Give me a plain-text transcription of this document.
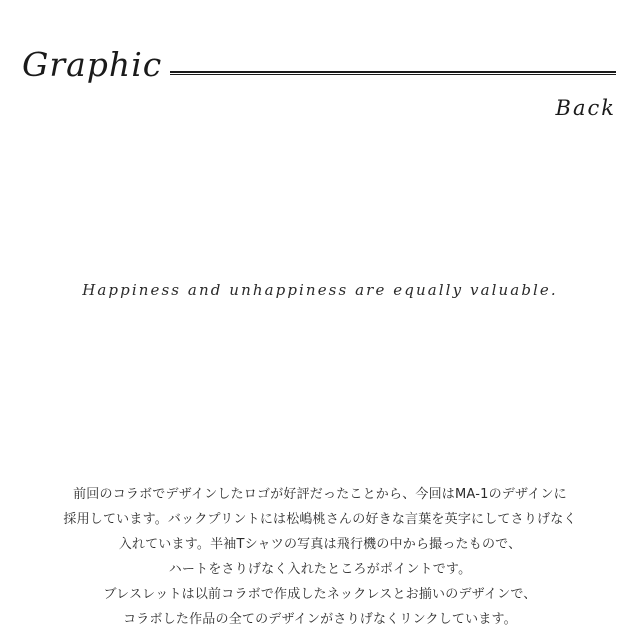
Graphic
Back
Happiness and unhappiness are equally valuable.
前回のコラボでデザインしたロゴが好評だったことから、今回はMA-1のデザインに
採用しています。バックプリントには松嶋桃さんの好きな言葉を英字にしてさりげなく
入れています。半袖Tシャツの写真は飛行機の中から撮ったもので、
ハートをさりげなく入れたところがポイントです。
ブレスレットは以前コラボで作成したネックレスとお揃いのデザインで、
コラボした作品の全てのデザインがさりげなくリンクしています。
